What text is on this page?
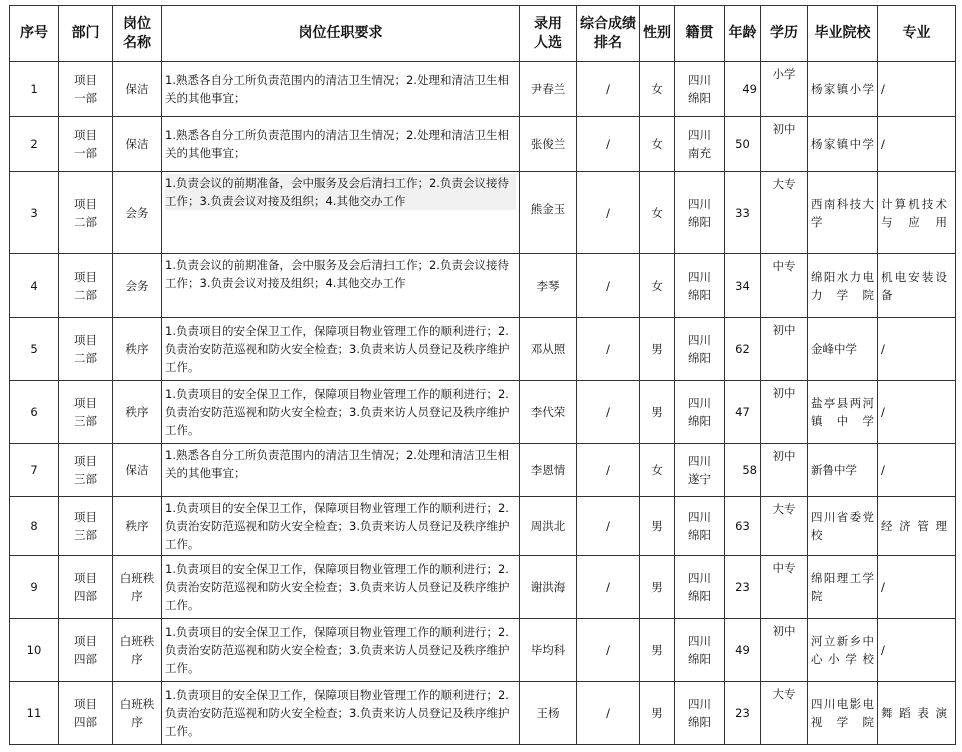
序号	部门	岗位名称	岗位任职要求	录用人选	综合成绩排名	性别	籍贯	年龄	学历	毕业院校	专业
1	项目一部	保洁	1.熟悉各自分工所负责范围内的清洁卫生情况；2.处理和清洁卫生相关的其他事宜；	尹春兰	/	女	四川绵阳	49	小学	杨家镇小学	/
2	项目一部	保洁	1.熟悉各自分工所负责范围内的清洁卫生情况；2.处理和清洁卫生相关的其他事宜；	张俊兰	/	女	四川南充	50	初中	杨家镇中学	/
3	项目二部	会务	1.负责会议的前期准备，会中服务及会后清扫工作；2.负责会议接待工作；3.负责会议对接及组织；4.其他交办工作	熊金玉	/	女	四川绵阳	33	大专	西南科技大学	计算机技术与应用
4	项目二部	会务	1.负责会议的前期准备，会中服务及会后清扫工作；2.负责会议接待工作；3.负责会议对接及组织；4.其他交办工作	李琴	/	女	四川绵阳	34	中专	绵阳水力电力学院	机电安装设备
5	项目二部	秩序	1.负责项目的安全保卫工作，保障项目物业管理工作的顺利进行；2.负责治安防范巡视和防火安全检查；3.负责来访人员登记及秩序维护工作。	邓从照	/	男	四川绵阳	62	初中	金峰中学	/
6	项目三部	秩序	1.负责项目的安全保卫工作，保障项目物业管理工作的顺利进行；2.负责治安防范巡视和防火安全检查；3.负责来访人员登记及秩序维护工作。	李代荣	/	男	四川绵阳	47	初中	盐亭县两河镇中学	/
7	项目三部	保洁	1.熟悉各自分工所负责范围内的清洁卫生情况；2.处理和清洁卫生相关的其他事宜；	李恩情	/	女	四川遂宁	58	初中	新鲁中学	/
8	项目三部	秩序	1.负责项目的安全保卫工作，保障项目物业管理工作的顺利进行；2.负责治安防范巡视和防火安全检查；3.负责来访人员登记及秩序维护工作。	周洪北	/	男	四川绵阳	63	大专	四川省委党校	经济管理
9	项目四部	白班秩序	1.负责项目的安全保卫工作，保障项目物业管理工作的顺利进行；2.负责治安防范巡视和防火安全检查；3.负责来访人员登记及秩序维护工作。	谢洪海	/	男	四川绵阳	23	中专	绵阳理工学院	/
10	项目四部	白班秩序	1.负责项目的安全保卫工作，保障项目物业管理工作的顺利进行；2.负责治安防范巡视和防火安全检查；3.负责来访人员登记及秩序维护工作。	毕均科	/	男	四川绵阳	49	初中	河立新乡中心小学校	/
11	项目四部	白班秩序	1.负责项目的安全保卫工作，保障项目物业管理工作的顺利进行；2.负责治安防范巡视和防火安全检查；3.负责来访人员登记及秩序维护工作。	王杨	/	男	四川绵阳	23	大专	四川电影电视学院	舞蹈表演
